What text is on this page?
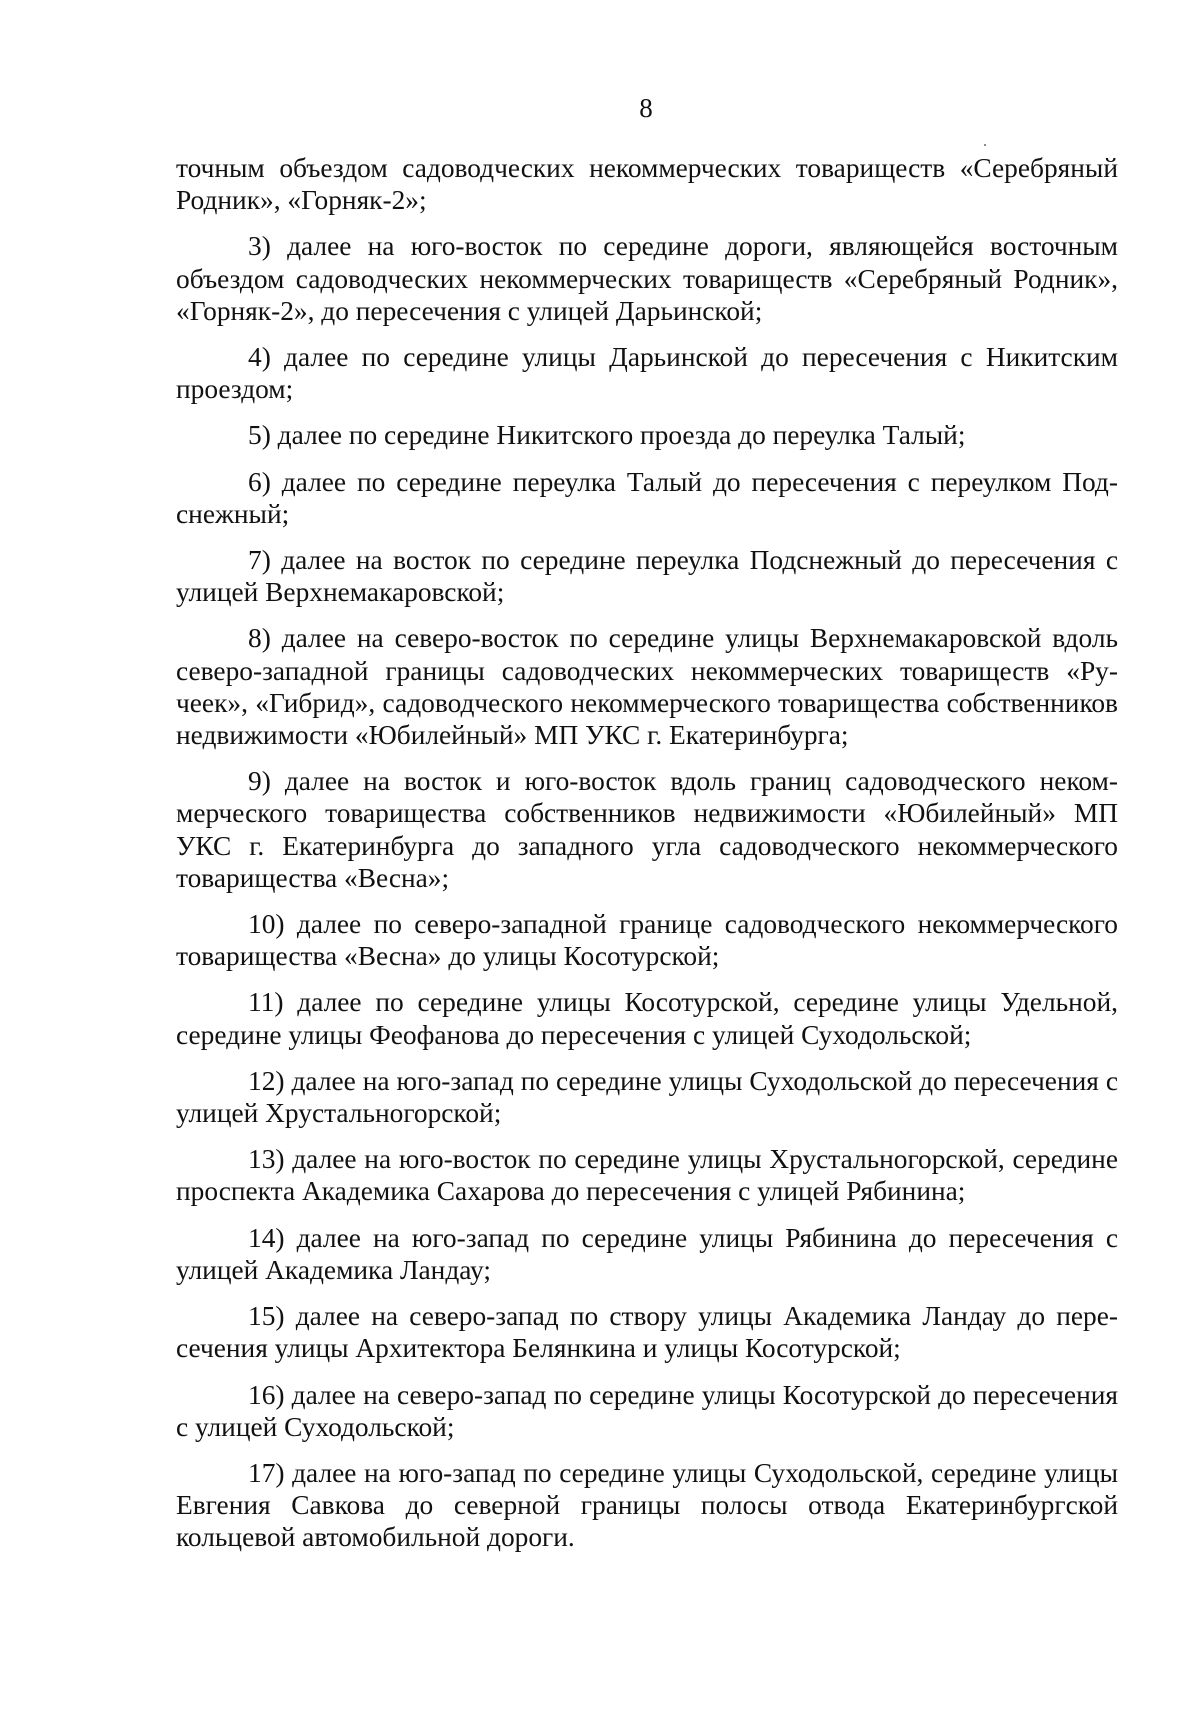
8

точным объездом садоводческих некоммерческих товариществ «Серебряный Родник», «Горняк-2»;

3) далее на юго-восток по середине дороги, являющейся восточным объездом садоводческих некоммерческих товариществ «Серебряный Родник», «Горняк-2», до пересечения с улицей Дарьинской;

4) далее по середине улицы Дарьинской до пересечения с Никитским проездом;

5) далее по середине Никитского проезда до переулка Талый;

6) далее по середине переулка Талый до пересечения с переулком Подснежный;

7) далее на восток по середине переулка Подснежный до пересечения с улицей Верхнемакаровской;

8) далее на северо-восток по середине улицы Верхнемакаровской вдоль северо-западной границы садоводческих некоммерческих товариществ «Ручеек», «Гибрид», садоводческого некоммерческого товарищества собственников недвижимости «Юбилейный» МП УКС г. Екатеринбурга;

9) далее на восток и юго-восток вдоль границ садоводческого некоммерческого товарищества собственников недвижимости «Юбилейный» МП УКС г. Екатеринбурга до западного угла садоводческого некоммерческого товарищества «Весна»;

10) далее по северо-западной границе садоводческого некоммерческого товарищества «Весна» до улицы Косотурской;

11) далее по середине улицы Косотурской, середине улицы Удельной, середине улицы Феофанова до пересечения с улицей Суходольской;

12) далее на юго-запад по середине улицы Суходольской до пересечения с улицей Хрустальногорской;

13) далее на юго-восток по середине улицы Хрустальногорской, середине проспекта Академика Сахарова до пересечения с улицей Рябинина;

14) далее на юго-запад по середине улицы Рябинина до пересечения с улицей Академика Ландау;

15) далее на северо-запад по створу улицы Академика Ландау до пересечения улицы Архитектора Белянкина и улицы Косотурской;

16) далее на северо-запад по середине улицы Косотурской до пересечения с улицей Суходольской;

17) далее на юго-запад по середине улицы Суходольской, середине улицы Евгения Савкова до северной границы полосы отвода Екатеринбургской кольцевой автомобильной дороги.
